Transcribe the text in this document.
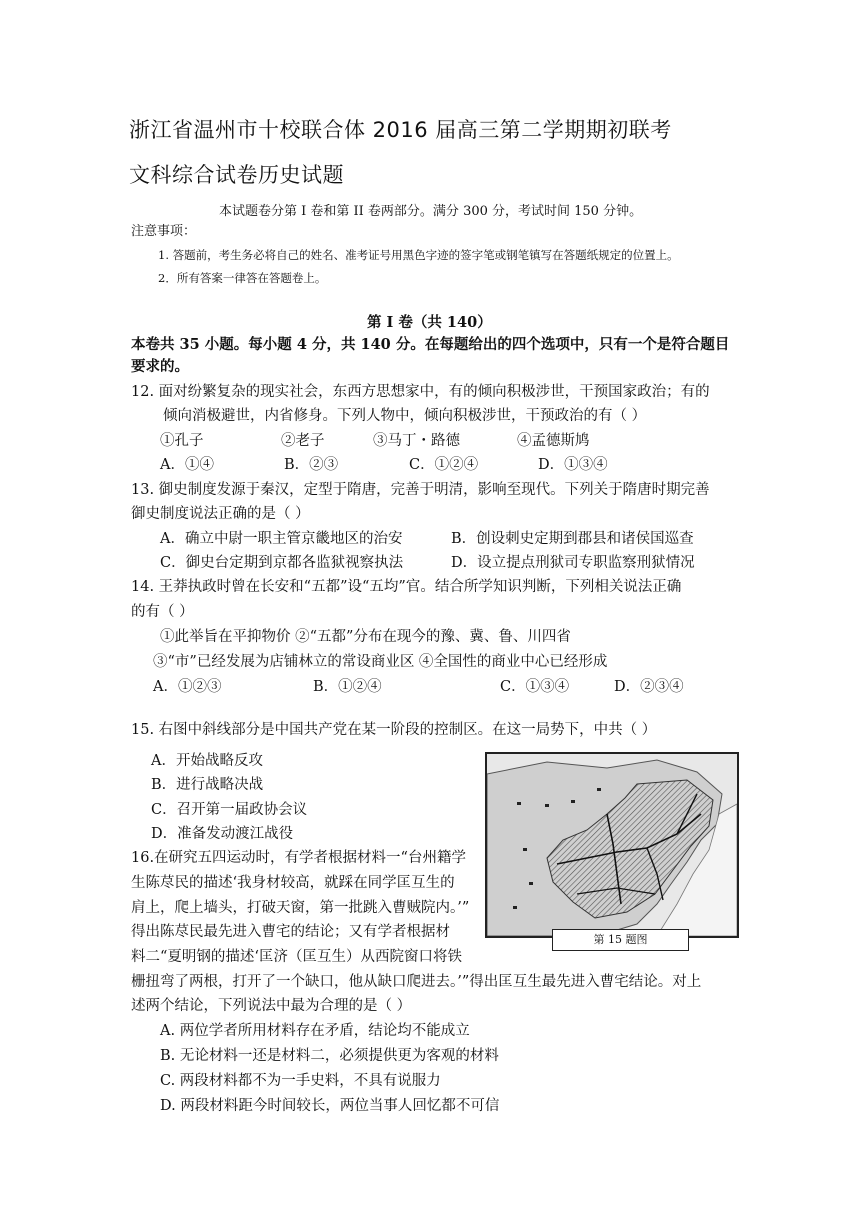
浙江省温州市十校联合体 2016 届高三第二学期期初联考
文科综合试卷历史试题
本试题卷分第 I 卷和第 II 卷两部分。满分 300 分，考试时间 150 分钟。
注意事项：
1. 答题前，考生务必将自己的姓名、准考证号用黑色字迹的签字笔或钢笔镇写在答题纸规定的位置上。
2．所有答案一律答在答题卷上。
第 I 卷（共 140）
本卷共 35 小题。每小题 4 分，共 140 分。在每题给出的四个选项中，只有一个是符合题目
要求的。
12. 面对纷繁复杂的现实社会，东西方思想家中，有的倾向积极涉世，干预国家政治；有的
倾向消极避世，内省修身。下列人物中，倾向积极涉世，干预政治的有（ ）
①孔子	②老子	③马丁・路德	④孟德斯鸠
A．①④	B．②③	C．①②④	D．①③④
13. 御史制度发源于秦汉，定型于隋唐，完善于明清，影响至现代。下列关于隋唐时期完善
御史制度说法正确的是（ ）
A．确立中尉一职主管京畿地区的治安	B．创设刺史定期到郡县和诸侯国巡查
C．御史台定期到京都各监狱视察执法	D．设立提点刑狱司专职监察刑狱情况
14. 王莽执政时曾在长安和“五都”设“五均”官。结合所学知识判断，下列相关说法正确
的有（ ）
①此举旨在平抑物价 ②“五都”分布在现今的豫、冀、鲁、川四省
③“市”已经发展为店铺林立的常设商业区 ④全国性的商业中心已经形成
A．①②③	B．①②④	C．①③④	D．②③④
15. 右图中斜线部分是中国共产党在某一阶段的控制区。在这一局势下，中共（ ）
A．开始战略反攻
B．进行战略决战
C．召开第一届政协会议
D．准备发动渡江战役
第 15 题图
16.在研究五四运动时，有学者根据材料一“台州籍学
生陈荩民的描述‘我身材较高，就踩在同学匡互生的
肩上，爬上墙头，打破天窗，第一批跳入曹贼院内。’”
得出陈荩民最先进入曹宅的结论；又有学者根据材
料二“夏明钢的描述‘匡济（匡互生）从西院窗口将铁
栅扭弯了两根，打开了一个缺口，他从缺口爬进去。’”得出匡互生最先进入曹宅结论。对上
述两个结论，下列说法中最为合理的是（ ）
A. 两位学者所用材料存在矛盾，结论均不能成立
B. 无论材料一还是材料二，必须提供更为客观的材料
C. 两段材料都不为一手史料，不具有说服力
D. 两段材料距今时间较长，两位当事人回忆都不可信
